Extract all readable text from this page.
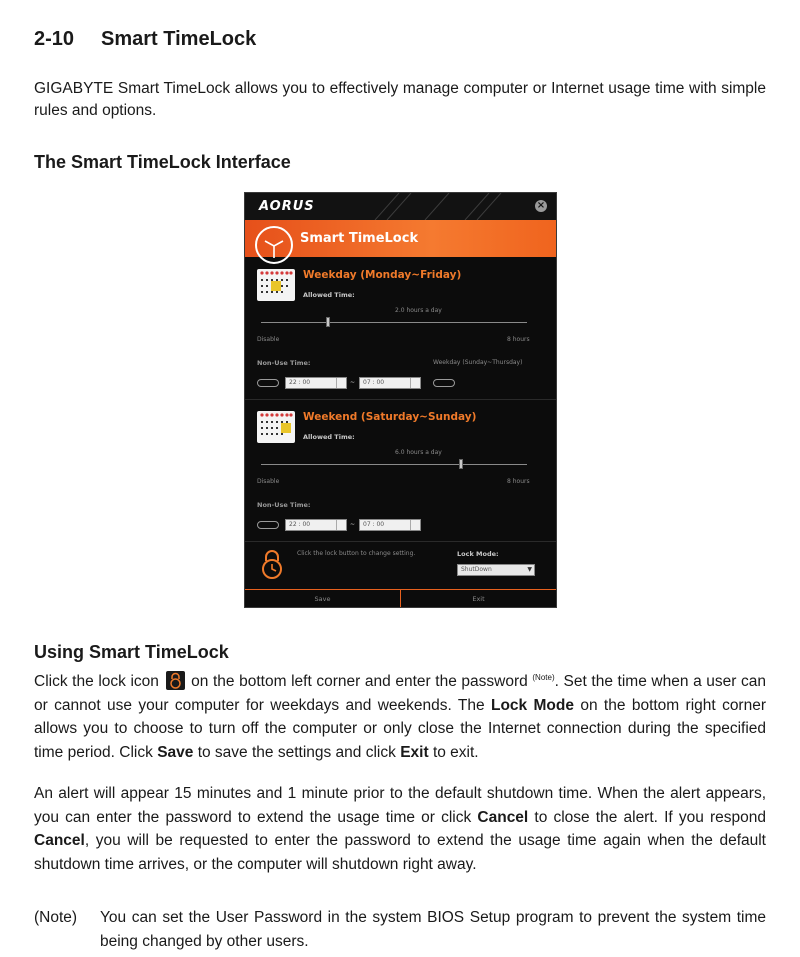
2-10 Smart TimeLock
GIGABYTE Smart TimeLock allows you to effectively manage computer or Internet usage time with simple rules and options.
The Smart TimeLock Interface
AORUS	×
Smart TimeLock
Weekday (Monday~Friday)
Allowed Time:
2.0 hours a day
Disable	8 hours
Non-Use Time:	Weekday (Sunday~Thursday)
22 : 00	~	07 : 00
Weekend (Saturday~Sunday)
Allowed Time:
6.0 hours a day
Disable	8 hours
Non-Use Time:
22 : 00	~	07 : 00
Click the lock button to change setting.	Lock Mode:
ShutDown	▼
Save	Exit
Using Smart TimeLock
Click the lock icon on the bottom left corner and enter the password $^{(Note)}$. Set the time when a user can or cannot use your computer for weekdays and weekends. The Lock Mode on the bottom right corner allows you to choose to turn off the computer or only close the Internet connection during the specified time period. Click Save to save the settings and click Exit to exit.
An alert will appear 15 minutes and 1 minute prior to the default shutdown time. When the alert appears, you can enter the password to extend the usage time or click Cancel to close the alert. If you respond Cancel, you will be requested to enter the password to extend the usage time again when the default shutdown time arrives, or the computer will shutdown right away.
(Note) You can set the User Password in the system BIOS Setup program to prevent the system time being changed by other users.
